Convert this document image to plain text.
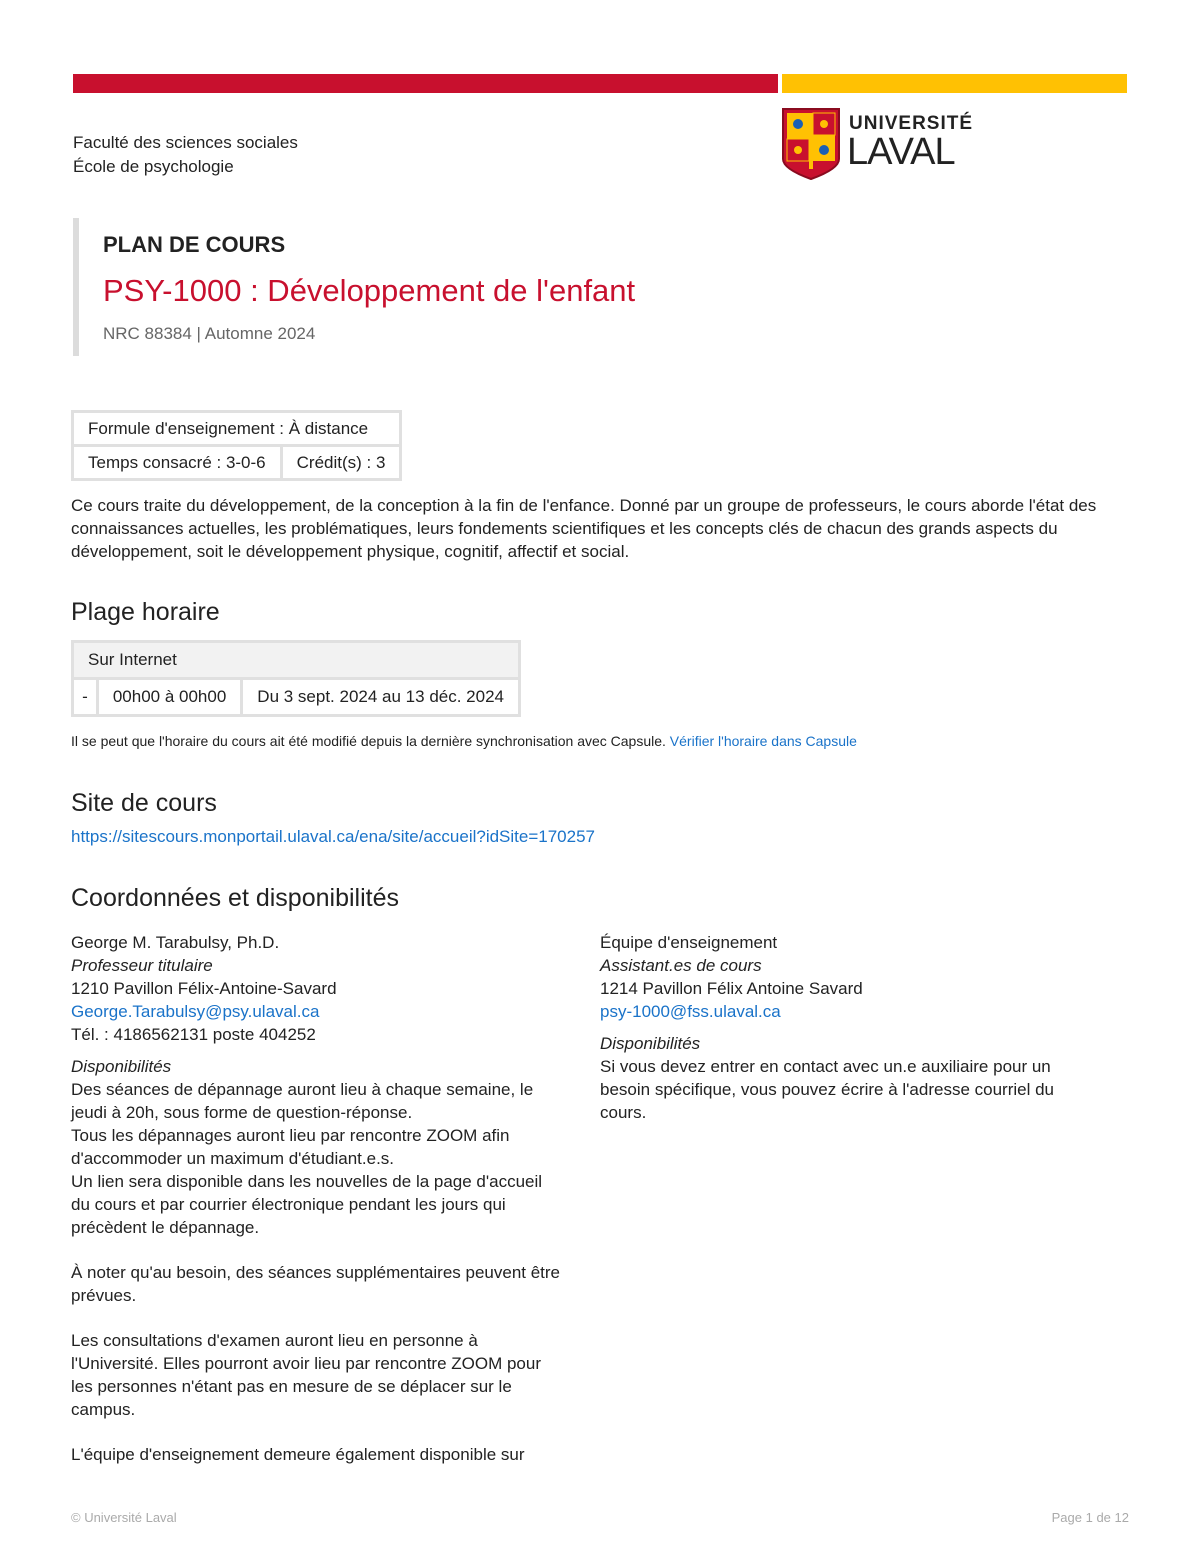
Faculté des sciences sociales
École de psychologie
UNIVERSITÉ
LAVAL
PLAN DE COURS
PSY-1000 : Développement de l'enfant
NRC 88384 | Automne 2024
Formule d'enseignement : À distance
Temps consacré : 3-0-6	Crédit(s) : 3
Ce cours traite du développement, de la conception à la fin de l'enfance. Donné par un groupe de professeurs, le cours aborde l'état des connaissances actuelles, les problématiques, leurs fondements scientifiques et les concepts clés de chacun des grands aspects du développement, soit le développement physique, cognitif, affectif et social.
Plage horaire
Sur Internet
-	00h00 à 00h00	Du 3 sept. 2024 au 13 déc. 2024
Il se peut que l'horaire du cours ait été modifié depuis la dernière synchronisation avec Capsule. Vérifier l'horaire dans Capsule
Site de cours
https://sitescours.monportail.ulaval.ca/ena/site/accueil?idSite=170257
Coordonnées et disponibilités
George M. Tarabulsy, Ph.D.
Professeur titulaire
1210 Pavillon Félix-Antoine-Savard
George.Tarabulsy@psy.ulaval.ca
Tél. : 4186562131 poste 404252
Disponibilités
Des séances de dépannage auront lieu à chaque semaine, le jeudi à 20h, sous forme de question-réponse.
Tous les dépannages auront lieu par rencontre ZOOM afin d'accommoder un maximum d'étudiant.e.s.
Un lien sera disponible dans les nouvelles de la page d'accueil du cours et par courrier électronique pendant les jours qui précèdent le dépannage.
À noter qu'au besoin, des séances supplémentaires peuvent être prévues.
Les consultations d'examen auront lieu en personne à l'Université. Elles pourront avoir lieu par rencontre ZOOM pour les personnes n'étant pas en mesure de se déplacer sur le campus.
L'équipe d'enseignement demeure également disponible sur
Équipe d'enseignement
Assistant.es de cours
1214 Pavillon Félix Antoine Savard
psy-1000@fss.ulaval.ca
Disponibilités
Si vous devez entrer en contact avec un.e auxiliaire pour un besoin spécifique, vous pouvez écrire à l'adresse courriel du cours.
© Université Laval	Page 1 de 12
